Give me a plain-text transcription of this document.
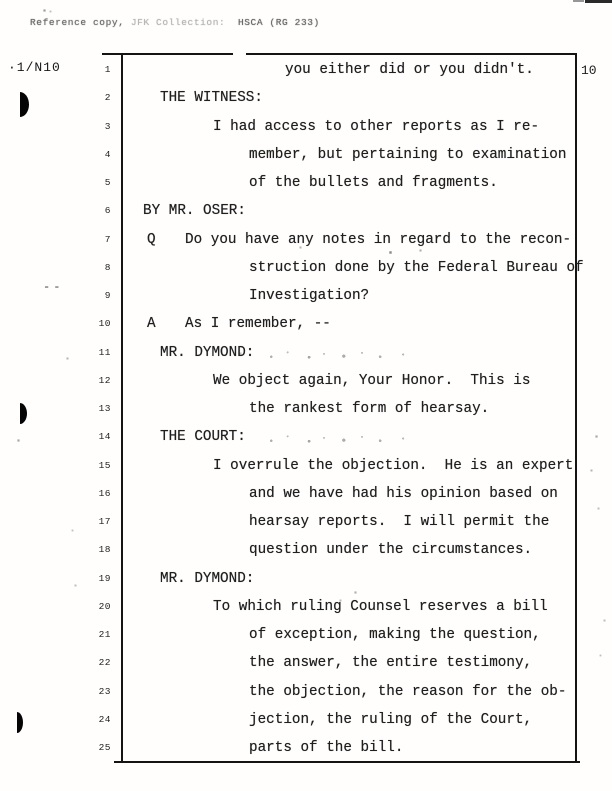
Reference copy, JFK Collection:  HSCA (RG 233)
·1/N10	10
--
1
2
3
4
5
6
7
8
9
10
11
12
13
14
15
16
17
18
19
20
21
22
23
24
25
you either did or you didn't.
THE WITNESS:
I had access to other reports as I re-
member, but pertaining to examination
of the bullets and fragments.
BY MR. OSER:
Q Do you have any notes in regard to the recon-
struction done by the Federal Bureau of
Investigation?
A As I remember, --
MR. DYMOND:
We object again, Your Honor.  This is
the rankest form of hearsay.
THE COURT:
I overrule the objection.  He is an expert
and we have had his opinion based on
hearsay reports.  I will permit the
question under the circumstances.
MR. DYMOND:
To which ruling Counsel reserves a bill
of exception, making the question,
the answer, the entire testimony,
the objection, the reason for the ob-
jection, the ruling of the Court,
parts of the bill.
